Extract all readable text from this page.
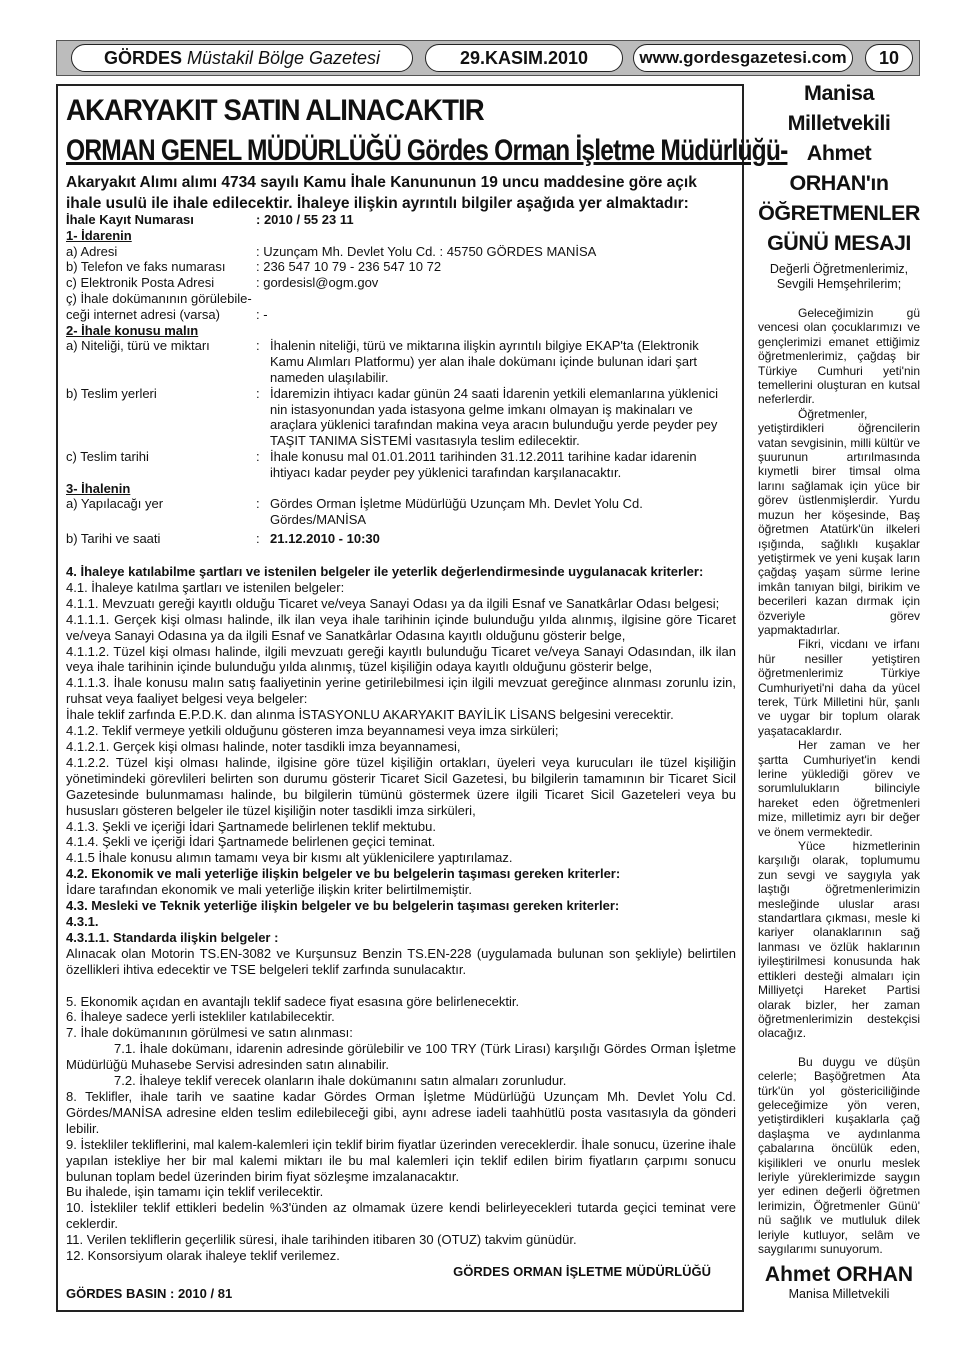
GÖRDES Müstakil Bölge Gazetesi	29.KASIM.2010	www.gordesgazetesi.com	10
AKARYAKIT SATIN ALINACAKTIR
ORMAN GENEL MÜDÜRLÜĞÜ Gördes Orman İşletme Müdürlüğü-
Akaryakıt Alımı alımı 4734 sayılı Kamu İhale Kanununun 19 uncu maddesine göre açık ihale usulü ile ihale edilecektir. İhaleye ilişkin ayrıntılı bilgiler aşağıda yer almaktadır:
İhale Kayıt Numarası	: 2010 / 55 23 11
1- İdarenin
a) Adresi	: Uzunçam Mh. Devlet Yolu Cd. : 45750 GÖRDES MANİSA
b) Telefon ve faks numarası	: 236 547 10 79 - 236 547 10 72
c) Elektronik Posta Adresi	: gordesisl@ogm.gov
ç) İhale dokümanının görülebile-
ceği internet adresi (varsa)	: -
2- İhale konusu malın
a) Niteliği, türü ve miktarı	: İhalenin niteliği, türü ve miktarına ilişkin ayrıntılı bilgiye EKAP'ta (Elektronik Kamu Alımları Platformu) yer alan ihale dokümanı içinde bulunan idari şart nameden ulaşılabilir.
b) Teslim yerleri	: İdaremizin ihtiyacı kadar günün 24 saati İdarenin yetkili elemanlarına yüklenici nin istasyonundan yada istasyona gelme imkanı olmayan iş makinaları ve araçlara yüklenici tarafından makina veya aracın bulunduğu yerde peyder pey TAŞIT TANIMA SİSTEMİ vasıtasıyla teslim edilecektir.
c) Teslim tarihi	: İhale konusu mal 01.01.2011 tarihinden 31.12.2011 tarihine kadar idarenin ihtiyacı kadar peyder pey yüklenici tarafından karşılanacaktır.
3- İhalenin
a) Yapılacağı yer	: Gördes Orman İşletme Müdürlüğü Uzunçam Mh. Devlet Yolu Cd. Gördes/MANİSA
b) Tarihi ve saati	: 21.12.2010 - 10:30

4. İhaleye katılabilme şartları ve istenilen belgeler ile yeterlik değerlendirmesinde uygulanacak kriterler:

4.1. İhaleye katılma şartları ve istenilen belgeler:

4.1.1. Mevzuatı gereği kayıtlı olduğu Ticaret ve/veya Sanayi Odası ya da ilgili Esnaf ve Sanatkârlar Odası belgesi;

4.1.1.1. Gerçek kişi olması halinde, ilk ilan veya ihale tarihinin içinde bulunduğu yılda alınmış, ilgisine göre Ticaret ve/veya Sanayi Odasına ya da ilgili Esnaf ve Sanatkârlar Odasına kayıtlı olduğunu gösterir belge,

4.1.1.2. Tüzel kişi olması halinde, ilgili mevzuatı gereği kayıtlı bulunduğu Ticaret ve/veya Sanayi Odasından, ilk ilan veya ihale tarihinin içinde bulunduğu yılda alınmış, tüzel kişiliğin odaya kayıtlı olduğunu gösterir belge,

4.1.1.3. İhale konusu malın satış faaliyetinin yerine getirilebilmesi için ilgili mevzuat gereğince alınması zorunlu izin, ruhsat veya faaliyet belgesi veya belgeler:

İhale teklif zarfında E.P.D.K. dan alınma İSTASYONLU AKARYAKIT BAYİLİK LİSANS belgesini verecektir.

4.1.2. Teklif vermeye yetkili olduğunu gösteren imza beyannamesi veya imza sirküleri;

4.1.2.1. Gerçek kişi olması halinde, noter tasdikli imza beyannamesi,

4.1.2.2. Tüzel kişi olması halinde, ilgisine göre tüzel kişiliğin ortakları, üyeleri veya kurucuları ile tüzel kişiliğin yönetimindeki görevlileri belirten son durumu gösterir Ticaret Sicil Gazetesi, bu bilgilerin tamamının bir Ticaret Sicil Gazetesinde bulunmaması halinde, bu bilgilerin tümünü göstermek üzere ilgili Ticaret Sicil Gazeteleri veya bu hususları gösteren belgeler ile tüzel kişiliğin noter tasdikli imza sirküleri,

4.1.3. Şekli ve içeriği İdari Şartnamede belirlenen teklif mektubu.

4.1.4. Şekli ve içeriği İdari Şartnamede belirlenen geçici teminat.

4.1.5 İhale konusu alımın tamamı veya bir kısmı alt yüklenicilere yaptırılamaz.

4.2. Ekonomik ve mali yeterliğe ilişkin belgeler ve bu belgelerin taşıması gereken kriterler:

İdare tarafından ekonomik ve mali yeterliğe ilişkin kriter belirtilmemiştir.

4.3. Mesleki ve Teknik yeterliğe ilişkin belgeler ve bu belgelerin taşıması gereken kriterler:

4.3.1.

4.3.1.1. Standarda ilişkin belgeler :

Alınacak olan Motorin TS.EN-3082 ve Kurşunsuz Benzin TS.EN-228 (uygulamada bulunan son şekliyle) belirtilen özellikleri ihtiva edecektir ve TSE belgeleri teklif zarfında sunulacaktır.

5. Ekonomik açıdan en avantajlı teklif sadece fiyat esasına göre belirlenecektir.

6. İhaleye sadece yerli istekliler katılabilecektir.

7. İhale dokümanının görülmesi ve satın alınması:

7.1. İhale dokümanı, idarenin adresinde görülebilir ve 100 TRY (Türk Lirası) karşılığı Gördes Orman İşletme Müdürlüğü Muhasebe Servisi adresinden satın alınabilir.

7.2. İhaleye teklif verecek olanların ihale dokümanını satın almaları zorunludur.

8. Teklifler, ihale tarih ve saatine kadar Gördes Orman İşletme Müdürlüğü Uzunçam Mh. Devlet Yolu Cd. Gördes/MANİSA adresine elden teslim edilebileceği gibi, aynı adrese iadeli taahhütlü posta vasıtasıyla da gönderi lebilir.

9. İstekliler tekliflerini, mal kalem-kalemleri için teklif birim fiyatlar üzerinden vereceklerdir. İhale sonucu, üzerine ihale yapılan istekliye her bir mal kalemi miktarı ile bu mal kalemleri için teklif edilen birim fiyatların çarpımı sonucu bulunan toplam bedel üzerinden birim fiyat sözleşme imzalanacaktır.

Bu ihalede, işin tamamı için teklif verilecektir.

10. İstekliler teklif ettikleri bedelin %3'ünden az olmamak üzere kendi belirleyecekleri tutarda geçici teminat vere ceklerdir.

11. Verilen tekliflerin geçerlilik süresi, ihale tarihinden itibaren 30 (OTUZ) takvim günüdür.

12. Konsorsiyum olarak ihaleye teklif verilemez.

GÖRDES ORMAN İŞLETME MÜDÜRLÜĞÜ
GÖRDES BASIN : 2010 / 81
Manisa
Milletvekili
Ahmet ORHAN'ın
ÖĞRETMENLER
GÜNÜ MESAJI
Değerli Öğretmenlerimiz, Sevgili Hemşehrilerim;

Geleceğimizin gü vencesi olan çocuklarımızı ve gençlerimizi emanet ettiğimiz öğretmenlerimiz, çağdaş bir Türkiye Cumhuri yeti'nin temellerini oluşturan en kutsal neferlerdir.

Öğretmenler, yetiştirdikleri öğrencilerin vatan sevgisinin, milli kültür ve şuurunun artırılmasında kıymetli birer timsal olma larını sağlamak için yüce bir görev üstlenmişlerdir. Yurdu muzun her köşesinde, Baş öğretmen Atatürk'ün ilkeleri ışığında, sağlıklı kuşaklar yetiştirmek ve yeni kuşak ların çağdaş yaşam sürme lerine imkân tanıyan bilgi, birikim ve becerileri kazan dırmak için özveriyle görev yapmaktadırlar.

Fikri, vicdanı ve irfanı hür nesiller yetiştiren öğretmenlerimiz Türkiye Cumhuriyeti'ni daha da yücel terek, Türk Milletini hür, şanlı ve uygar bir toplum olarak yaşatacaklardır.

Her zaman ve her şartta Cumhuriyet'in kendi lerine yüklediği görev ve sorumlulukların bilinciyle hareket eden öğretmenleri mize, milletimiz ayrı bir değer ve önem vermektedir.

Yüce hizmetlerinin karşılığı olarak, toplumumu zun sevgi ve saygıyla yak laştığı öğretmenlerimizin mesleğinde uluslar arası standartlara çıkması, mesle ki kariyer olanaklarının sağ lanması ve özlük haklarının iyileştirilmesi konusunda hak ettikleri desteği almaları için Milliyetçi Hareket Partisi olarak bizler, her zaman öğretmenlerimizin destekçisi olacağız.

Bu duygu ve düşün celerle; Başöğretmen Ata türk'ün yol göstericiliğinde geleceğimize yön veren, yetiştirdikleri kuşaklarla çağ daşlaşma ve aydınlanma çabalarına öncülük eden, kişilikleri ve onurlu meslek leriyle yüreklerimizde saygın yer edinen değerli öğretmen lerimizin, Öğretmenler Günü' nü sağlık ve mutluluk dilek leriyle kutluyor, selâm ve saygılarımı sunuyorum.

Ahmet ORHAN
Manisa Milletvekili
